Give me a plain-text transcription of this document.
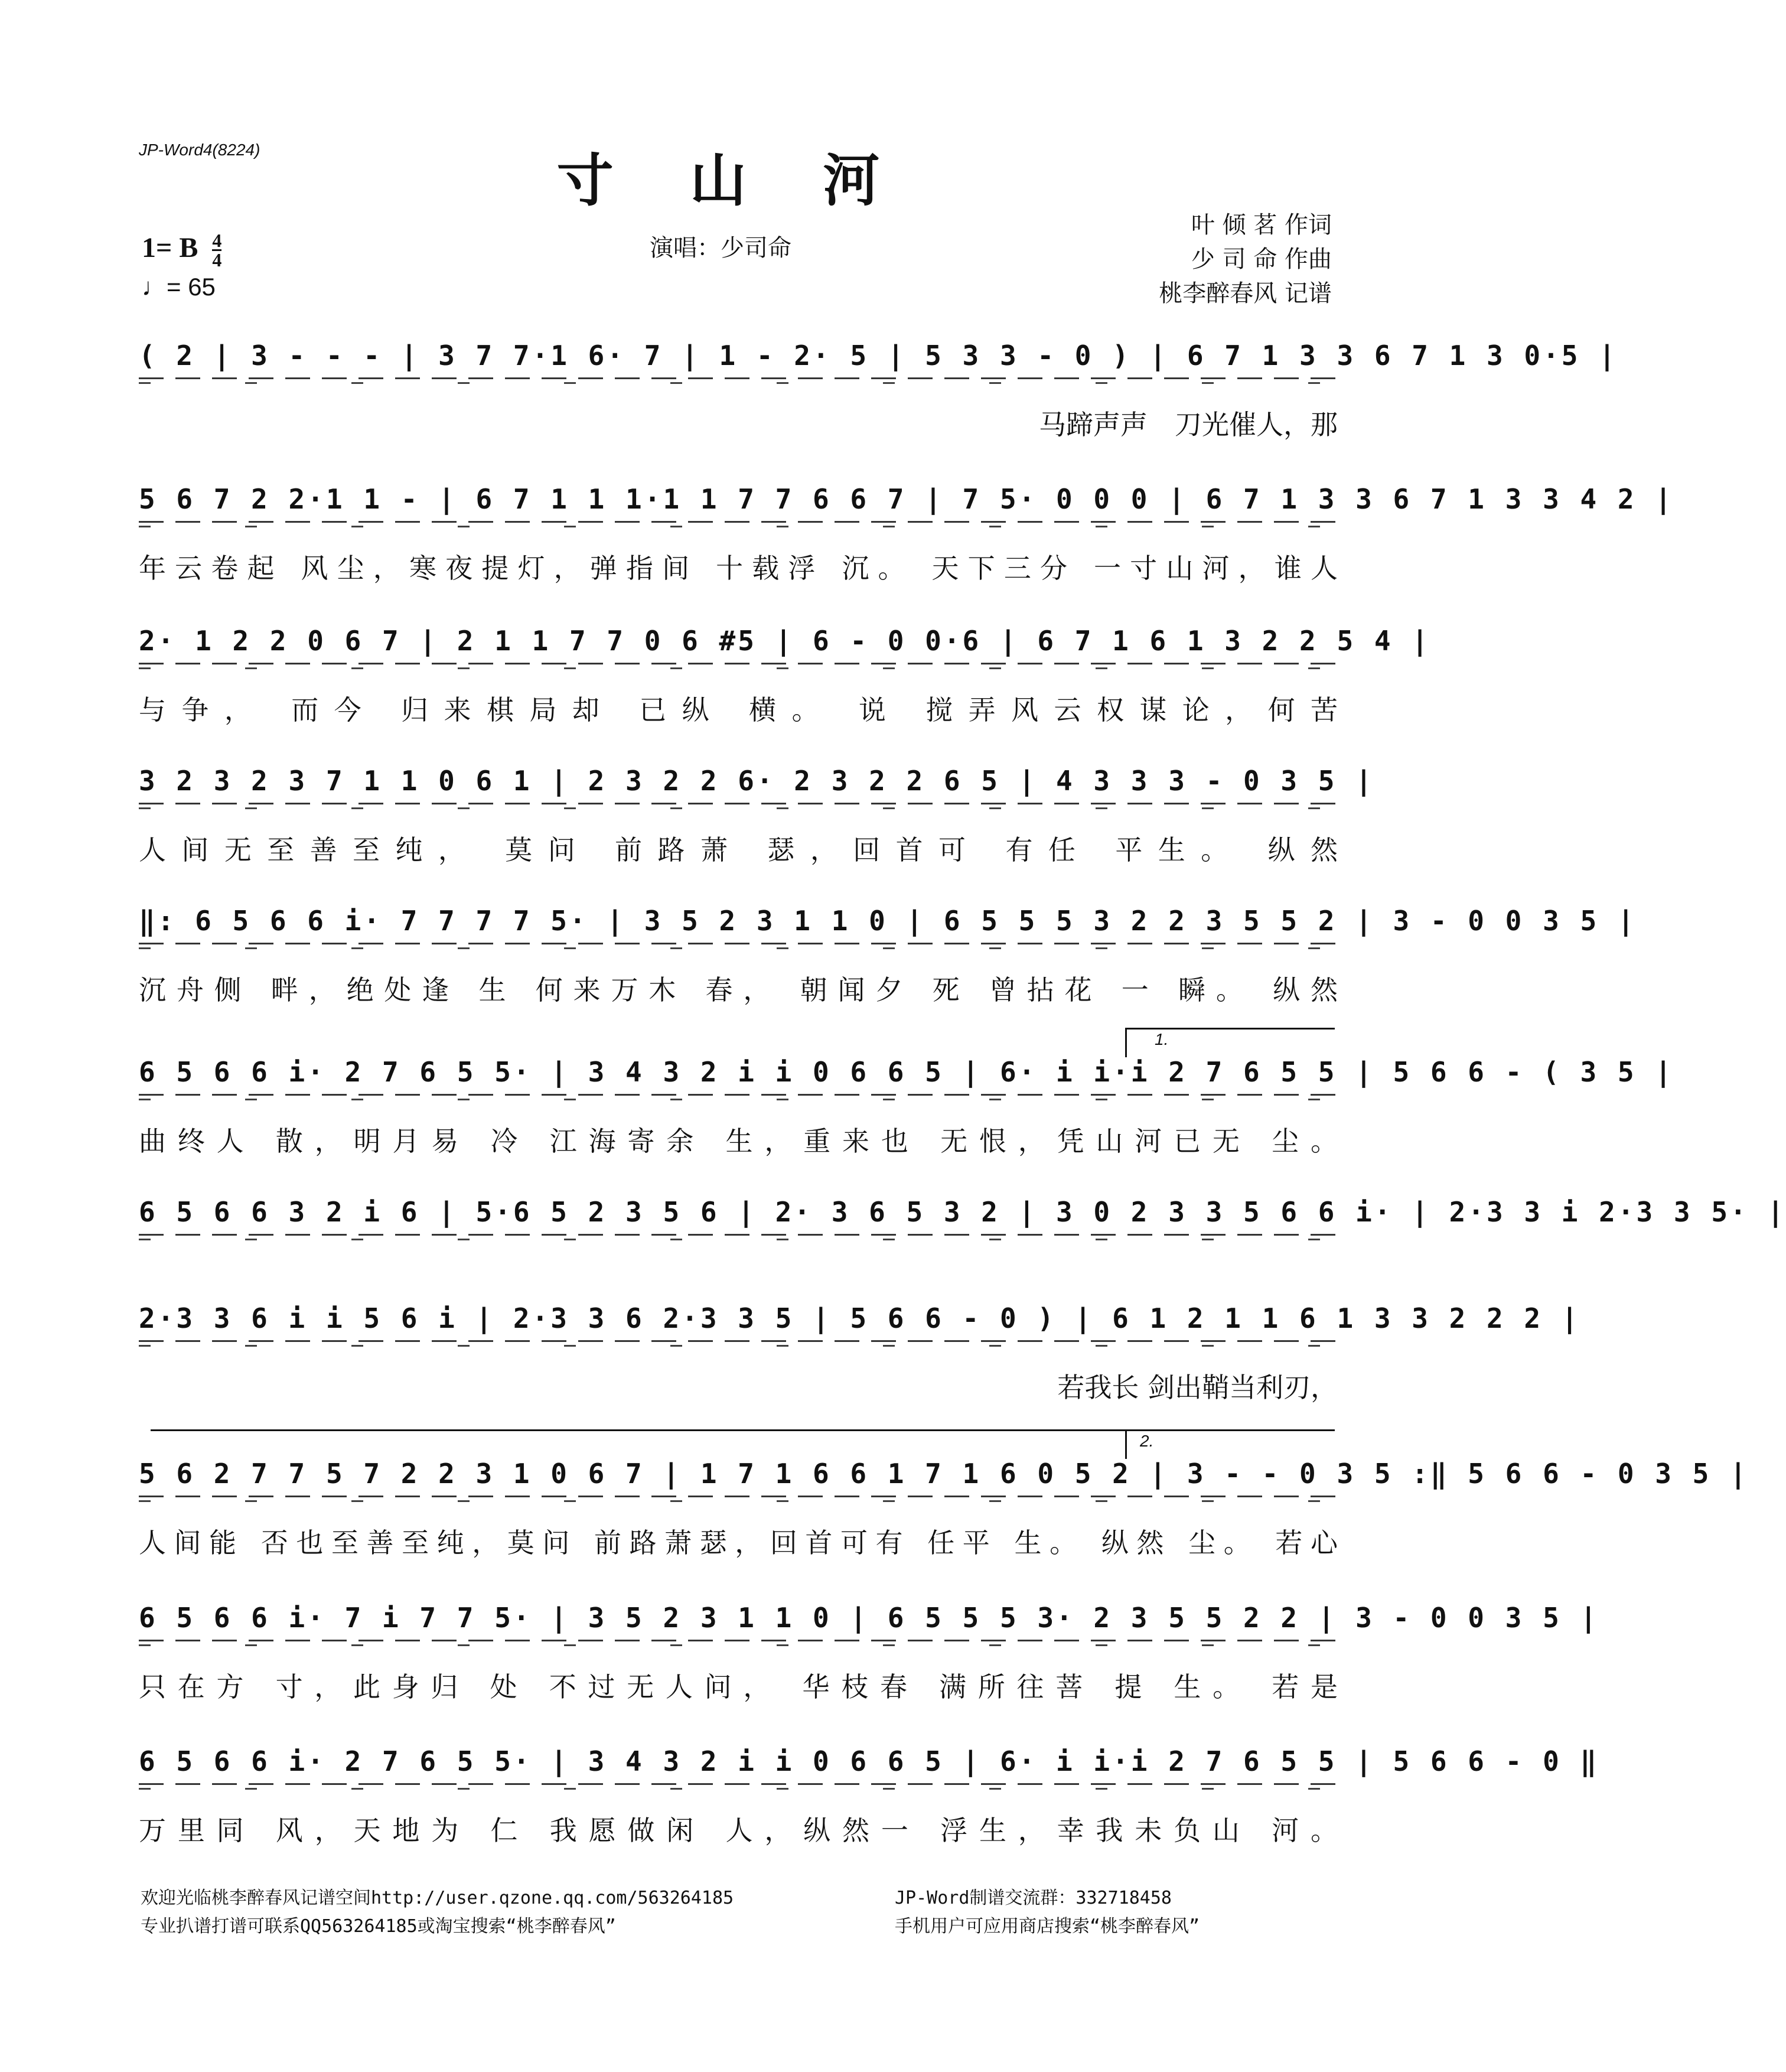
JP-Word4(8224)	寸 山 河
演唱：少司命
叶 倾 茗 作词
少 司 命 作曲
桃李醉春风 记谱
1= B $\frac{4}{4}$
♩= 65
( 2 | 3 - - - | 3 7 7·1 6· 7 | 1 - 2· 5 | 5 3 3 - 0 ) | 6 7 1 3 3 6 7 1 3 0·5 |
马蹄声声　刀光催人，那
5 6 7 2 2·1 1 - | 6 7 1 1 1·1 1 7 7 6 6 7 | 7 5· 0 0 0 | 6 7 1 3 3 6 7 1 3 3 4 2 |
年云卷起 风尘，寒夜提灯，弹指间 十载浮 沉。 天下三分 一寸山河，谁人
2· 1 2 2 0 6 7 | 2 1 1 7 7 0 6 #5 | 6 - 0 0·6 | 6 7 1 6 1 3 2 2 5 4 |
与争， 而今 归来棋局却 已纵 横。 说 搅弄风云权谋论，何苦
3 2 3 2 3 7 1 1 0 6 1 | 2 3 2 2 6· 2 3 2 2 6 5 | 4 3 3 3 - 0 3 5 |
人间无至善至纯， 莫问 前路萧 瑟，回首可 有任 平生。 纵然
‖: 6 5 6 6 i· 7 7 7 7 5· | 3 5 2 3 1 1 0 | 6 5 5 5 3 2 2 3 5 5 2 | 3 - 0 0 3 5 |
沉舟侧 畔，绝处逢 生 何来万木 春， 朝闻夕 死 曾拈花 一 瞬。 纵然
6 5 6 6 i· 2 7 6 5 5· | 3 4 3 2 i i 0 6 6 5 | 6· i i·i 2 7 6 5 5 | 5 6 6 - ( 3 5 |
曲终人 散，明月易 冷 江海寄余 生，重来也 无恨，凭山河已无 尘。
6 5 6 6 3 2 i 6 | 5·6 5 2 3 5 6 | 2· 3 6 5 3 2 | 3 0 2 3 3 5 6 6 i· | 2·3 3 i 2·3 3 5· |
2·3 3 6 i i 5 6 i | 2·3 3 6 2·3 3 5 | 5 6 6 - 0 ) | 6 1 2 1 1 6 1 3 3 2 2 2 |
若我长 剑出鞘当利刃，
5 6 2 7 7 5 7 2 2 3 1 0 6 7 | 1 7 1 6 6 1 7 1 6 0 5 2 | 3 - - 0 3 5 :‖ 5 6 6 - 0 3 5 |
人间能 否也至善至纯，莫问 前路萧瑟，回首可有 任平 生。 纵然 尘。 若心
6 5 6 6 i· 7 i 7 7 5· | 3 5 2 3 1 1 0 | 6 5 5 5 3· 2 3 5 5 2 2 | 3 - 0 0 3 5 |
只在方 寸，此身归 处 不过无人问， 华枝春 满所往菩 提 生。 若是
6 5 6 6 i· 2 7 6 5 5· | 3 4 3 2 i i 0 6 6 5 | 6· i i·i 2 7 6 5 5 | 5 6 6 - 0 ‖
万里同 风，天地为 仁 我愿做闲 人，纵然一 浮生，幸我未负山 河。
1.
2.
欢迎光临桃李醉春风记谱空间http://user.qzone.qq.com/563264185	JP-Word制谱交流群：332718458
专业扒谱打谱可联系QQ563264185或淘宝搜索“桃李醉春风”	手机用户可应用商店搜索“桃李醉春风”
